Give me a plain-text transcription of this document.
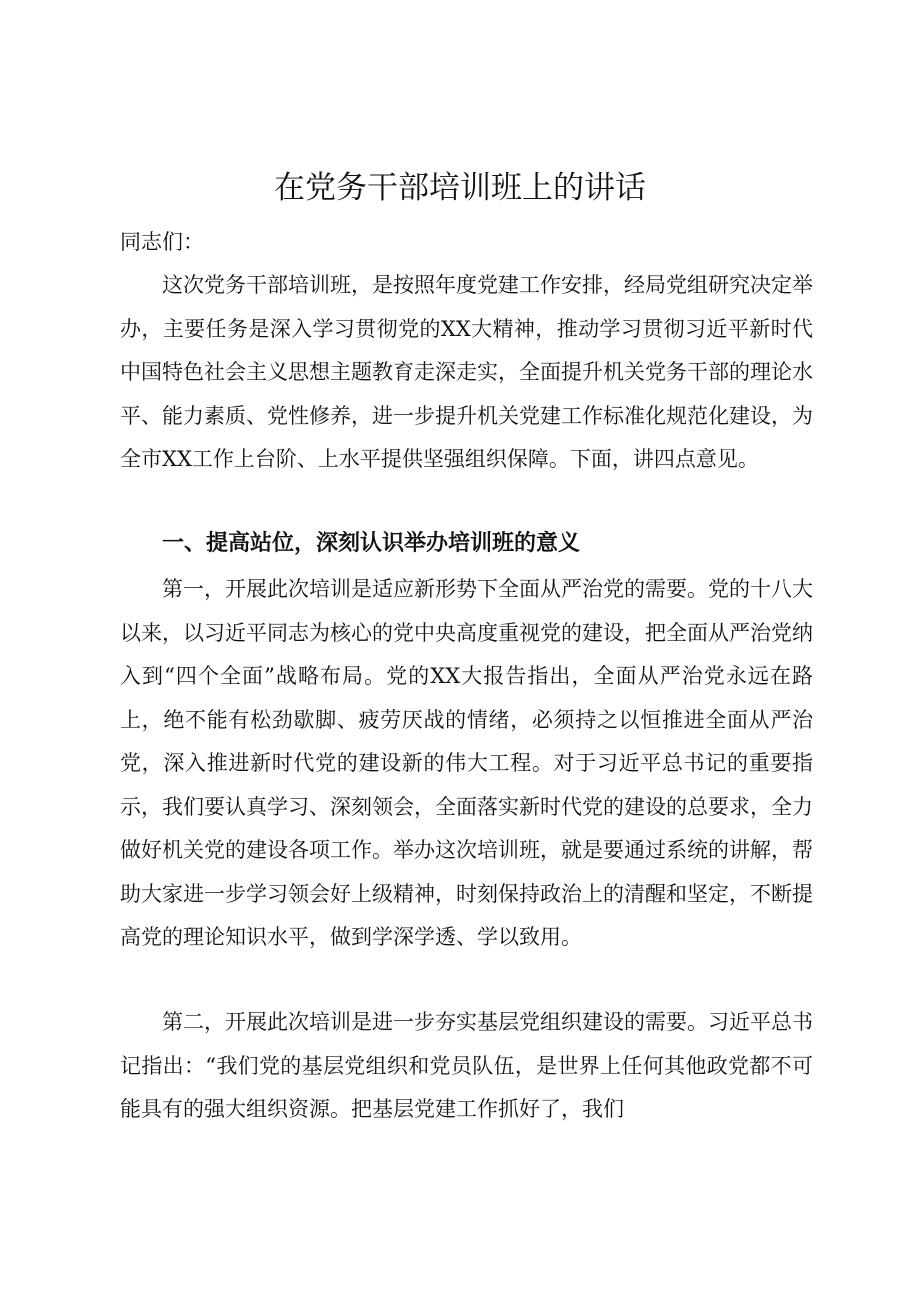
在党务干部培训班上的讲话

同志们：

这次党务干部培训班，是按照年度党建工作安排，经局党组研究决定举办，主要任务是深入学习贯彻党的XX大精神，推动学习贯彻习近平新时代中国特色社会主义思想主题教育走深走实，全面提升机关党务干部的理论水平、能力素质、党性修养，进一步提升机关党建工作标准化规范化建设，为全市XX工作上台阶、上水平提供坚强组织保障。下面，讲四点意见。

一、提高站位，深刻认识举办培训班的意义

第一，开展此次培训是适应新形势下全面从严治党的需要。党的十八大以来，以习近平同志为核心的党中央高度重视党的建设，把全面从严治党纳入到“四个全面”战略布局。党的XX大报告指出，全面从严治党永远在路上，绝不能有松劲歇脚、疲劳厌战的情绪，必须持之以恒推进全面从严治党，深入推进新时代党的建设新的伟大工程。对于习近平总书记的重要指示，我们要认真学习、深刻领会，全面落实新时代党的建设的总要求，全力做好机关党的建设各项工作。举办这次培训班，就是要通过系统的讲解，帮助大家进一步学习领会好上级精神，时刻保持政治上的清醒和坚定，不断提高党的理论知识水平，做到学深学透、学以致用。

第二，开展此次培训是进一步夯实基层党组织建设的需要。习近平总书记指出：“我们党的基层党组织和党员队伍，是世界上任何其他政党都不可能具有的强大组织资源。把基层党建工作抓好了，我们
